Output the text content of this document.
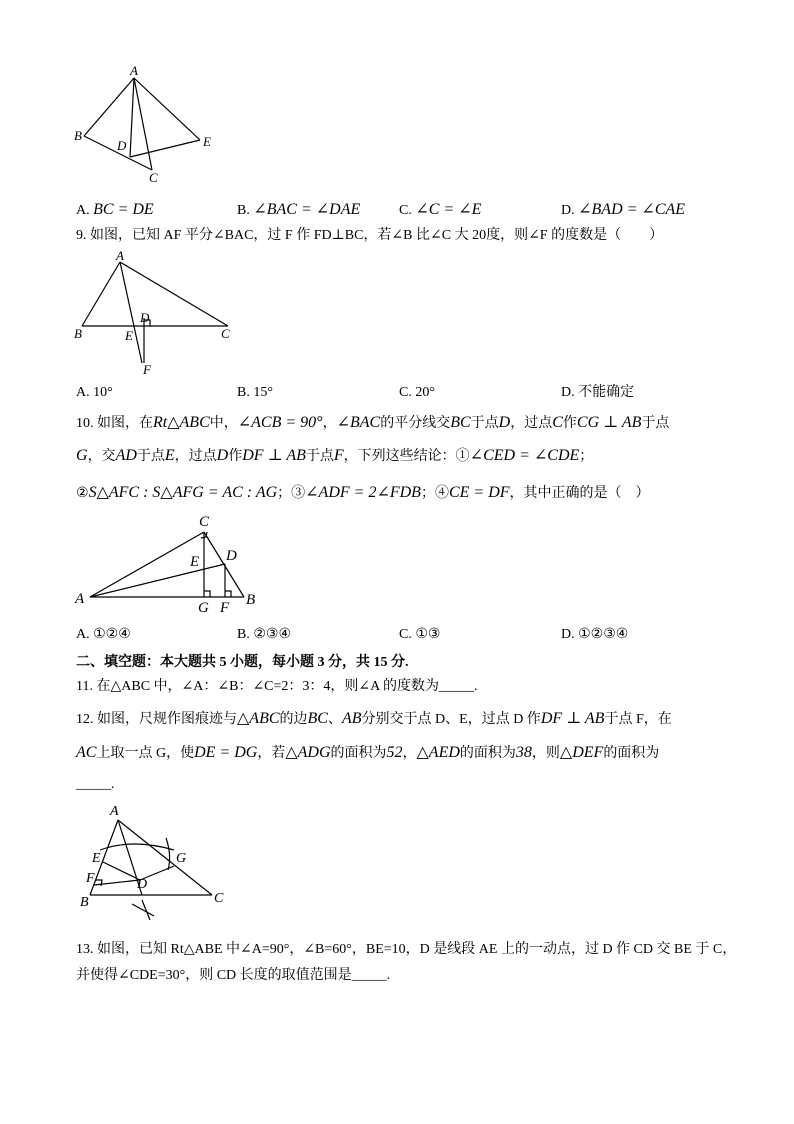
A
B
D	E
C
A. BC = DE	B. ∠BAC = ∠DAE	C. ∠C = ∠E	D. ∠BAD = ∠CAE
9. 如图，已知 AF 平分∠BAC，过 F 作 FD⊥BC，若∠B 比∠C 大 20度，则∠F 的度数是（　　）
A
D
B	E	C
F
A. 10°	B. 15°	C. 20°	D. 不能确定
10. 如图，在Rt△ABC中，∠ACB = 90°，∠BAC的平分线交BC于点D，过点C作CG ⊥ AB于点
G，交AD于点E，过点D作DF ⊥ AB于点F，下列这些结论：①∠CED = ∠CDE；
②S△AFC : S△AFG = AC : AG；③∠ADF = 2∠FDB；④CE = DF，其中正确的是（　）
C
D
E
A
G F B
A. ①②④	B. ②③④	C. ①③	D. ①②③④
二、填空题：本大题共 5 小题，每小题 3 分，共 15 分.
11. 在△ABC 中，∠A：∠B：∠C=2：3：4，则∠A 的度数为_____.
12. 如图，尺规作图痕迹与△ABC的边BC、AB分别交于点 D、E，过点 D 作DF ⊥ AB于点 F，在
AC上取一点 G，使DE = DG，若△ADG的面积为52，△AED的面积为38，则△DEF的面积为
_____.
A
E	G
F	D
B	C
13. 如图，已知 Rt△ABE 中∠A=90°，∠B=60°，BE=10，D 是线段 AE 上的一动点，过 D 作 CD 交 BE 于 C，
并使得∠CDE=30°，则 CD 长度的取值范围是_____.
